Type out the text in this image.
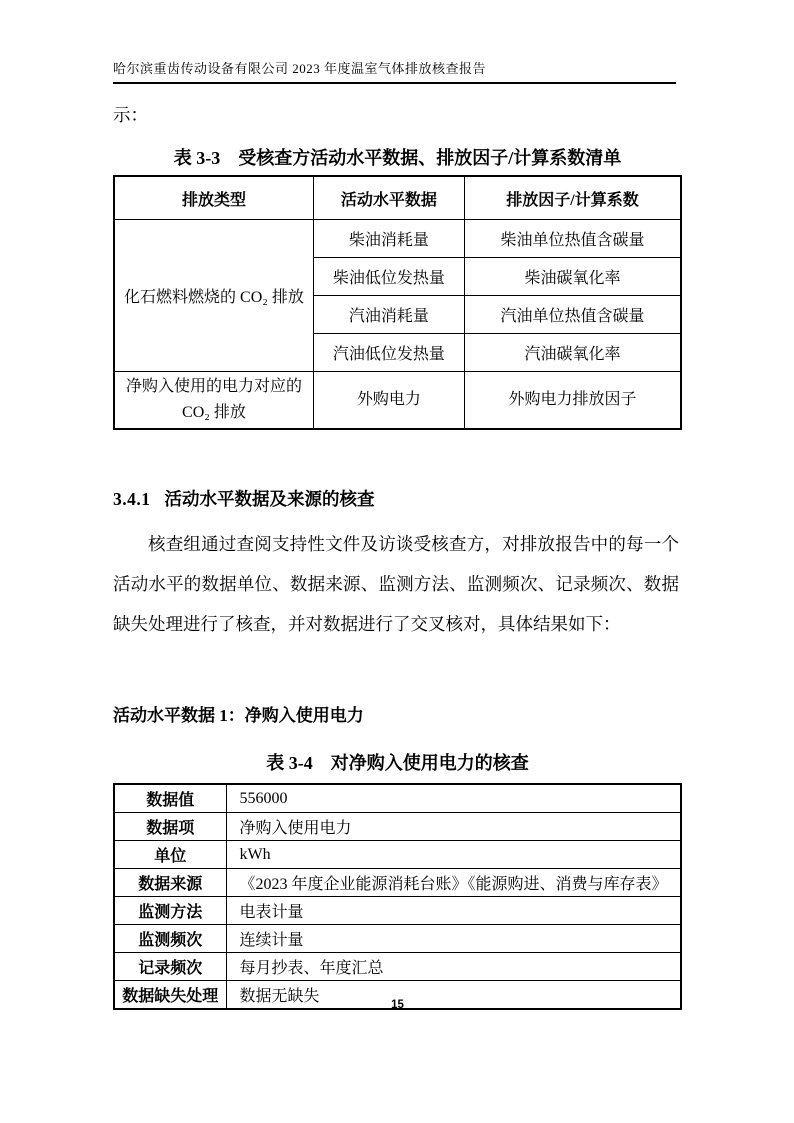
哈尔滨重齿传动设备有限公司 2023 年度温室气体排放核查报告
示：
表 3-3　受核查方活动水平数据、排放因子/计算系数清单
排放类型	活动水平数据	排放因子/计算系数
化石燃料燃烧的 CO₂ 排放	柴油消耗量	柴油单位热值含碳量
	柴油低位发热量	柴油碳氧化率
	汽油消耗量	汽油单位热值含碳量
	汽油低位发热量	汽油碳氧化率
净购入使用的电力对应的 CO₂ 排放	外购电力	外购电力排放因子
3.4.1 活动水平数据及来源的核查
核查组通过查阅支持性文件及访谈受核查方，对排放报告中的每一个活动水平的数据单位、数据来源、监测方法、监测频次、记录频次、数据缺失处理进行了核查，并对数据进行了交叉核对，具体结果如下：
活动水平数据 1：净购入使用电力
表 3-4　对净购入使用电力的核查
数据值	556000
数据项	净购入使用电力
单位	kWh
数据来源	《2023 年度企业能源消耗台账》《能源购进、消费与库存表》
监测方法	电表计量
监测频次	连续计量
记录频次	每月抄表、年度汇总
数据缺失处理	数据无缺失	15
